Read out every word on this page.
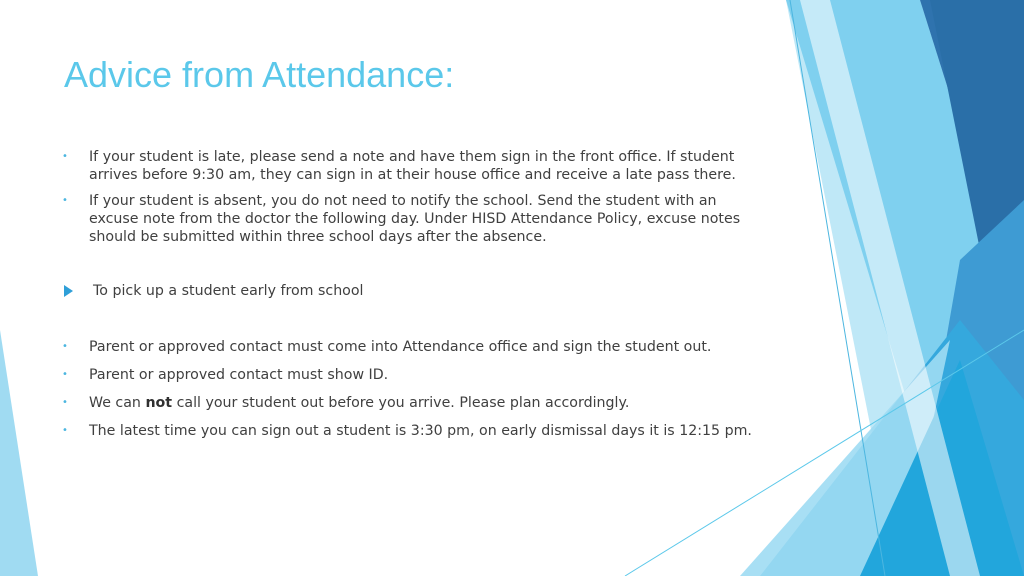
Advice from Attendance:

• If your student is late, please send a note and have them sign in the front office. If student arrives before 9:30 am, they can sign in at their house office and receive a late pass there.

• If your student is absent, you do not need to notify the school. Send the student with an excuse note from the doctor the following day. Under HISD Attendance Policy, excuse notes should be submitted within three school days after the absence.

To pick up a student early from school

• Parent or approved contact must come into Attendance office and sign the student out.

• Parent or approved contact must show ID.

• We can not call your student out before you arrive. Please plan accordingly.

• The latest time you can sign out a student is 3:30 pm, on early dismissal days it is 12:15 pm.
